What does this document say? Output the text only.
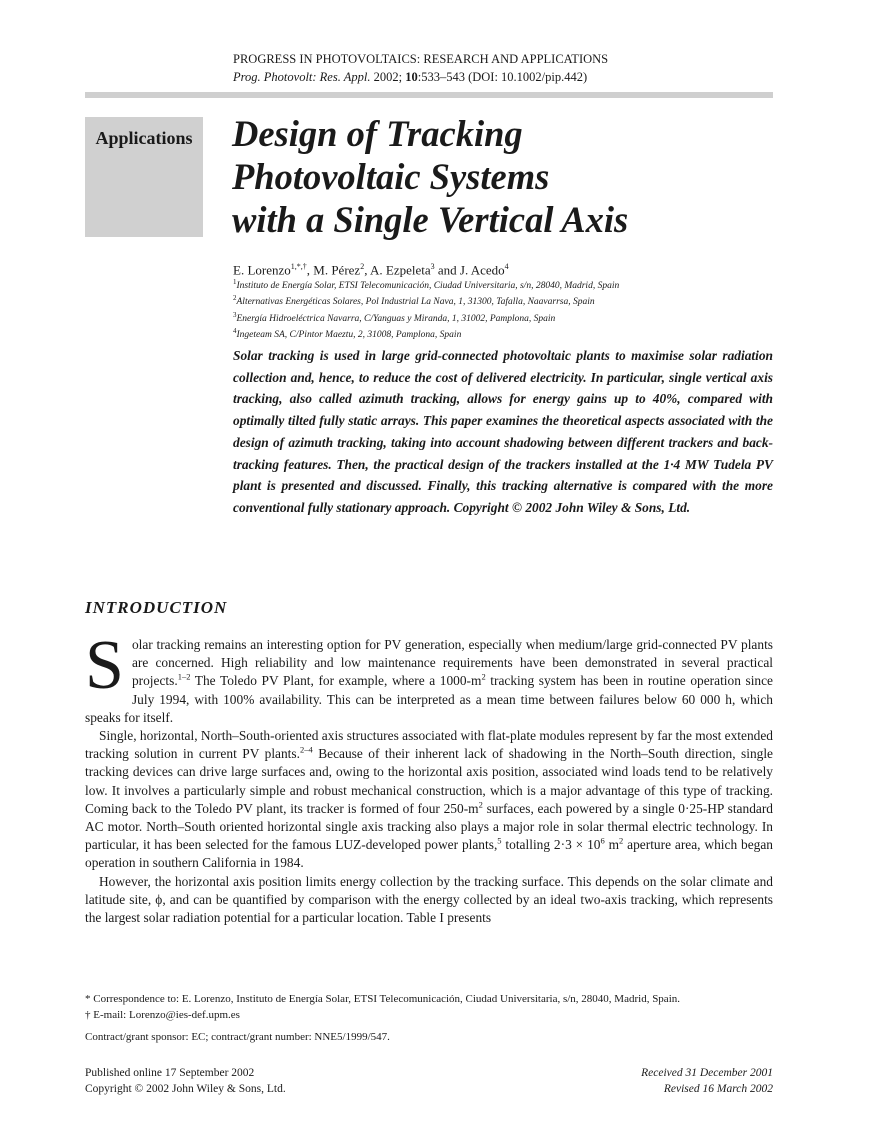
PROGRESS IN PHOTOVOLTAICS: RESEARCH AND APPLICATIONS
Prog. Photovolt: Res. Appl. 2002; 10:533–543 (DOI: 10.1002/pip.442)
Applications Design of Tracking
Photovoltaic Systems
with a Single Vertical Axis
E. Lorenzo$^{1,*,\dagger}$, M. Pérez$^2$, A. Ezpeleta$^3$ and J. Acedo$^4$
$^1$Instituto de Energía Solar, ETSI Telecomunicación, Ciudad Universitaria, s/n, 28040, Madrid, Spain
$^2$Alternativas Energéticas Solares, Pol Industrial La Nava, 1, 31300, Tafalla, Naavarrsa, Spain
$^3$Energía Hidroeléctrica Navarra, C/Yanguas y Miranda, 1, 31002, Pamplona, Spain
$^4$Ingeteam SA, C/Pintor Maeztu, 2, 31008, Pamplona, Spain
Solar tracking is used in large grid-connected photovoltaic plants to maximise solar radiation collection and, hence, to reduce the cost of delivered electricity. In particular, single vertical axis tracking, also called azimuth tracking, allows for energy gains up to 40%, compared with optimally tilted fully static arrays. This paper examines the theoretical aspects associated with the design of azimuth tracking, taking into account shadowing between different trackers and back-tracking features. Then, the practical design of the trackers installed at the 1·4 MW Tudela PV plant is presented and discussed. Finally, this tracking alternative is compared with the more conventional fully stationary approach. Copyright © 2002 John Wiley & Sons, Ltd.
INTRODUCTION

Solar tracking remains an interesting option for PV generation, especially when medium/large grid-connected PV plants are concerned. High reliability and low maintenance requirements have been demonstrated in several practical projects.$^{1-2}$ The Toledo PV Plant, for example, where a $1000-m^2$ tracking system has been in routine operation since July 1994, with 100% availability. This can be interpreted as a mean time between failures below 60 000 h, which speaks for itself.

Single, horizontal, North–South-oriented axis structures associated with flat-plate modules represent by far the most extended tracking solution in current PV plants.$^{2-4}$ Because of their inherent lack of shadowing in the North–South direction, single tracking devices can drive large surfaces and, owing to the horizontal axis position, associated wind loads tend to be relatively low. It involves a particularly simple and robust mechanical construction, which is a major advantage of this type of tracking. Coming back to the Toledo PV plant, its tracker is formed of four $250-m^2$ surfaces, each powered by a single 0·25-HP standard AC motor. North–South oriented horizontal single axis tracking also plays a major role in solar thermal electric technology. In particular, it has been selected for the famous LUZ-developed power plants,$^5$ totalling $2\cdot 3 \times 10^6$ $m^2$ aperture area, which began operation in southern California in 1984.

However, the horizontal axis position limits energy collection by the tracking surface. This depends on the solar climate and latitude site, ϕ, and can be quantified by comparison with the energy collected by an ideal two-axis tracking, which represents the largest solar radiation potential for a particular location. Table I presents

* Correspondence to: E. Lorenzo, Instituto de Energía Solar, ETSI Telecomunicación, Ciudad Universitaria, s/n, 28040, Madrid, Spain.
† E-mail: Lorenzo@ies-def.upm.es
Contract/grant sponsor: EC; contract/grant number: NNE5/1999/547.
Published online 17 September 2002
Copyright © 2002 John Wiley & Sons, Ltd.
Received 31 December 2001
Revised 16 March 2002
